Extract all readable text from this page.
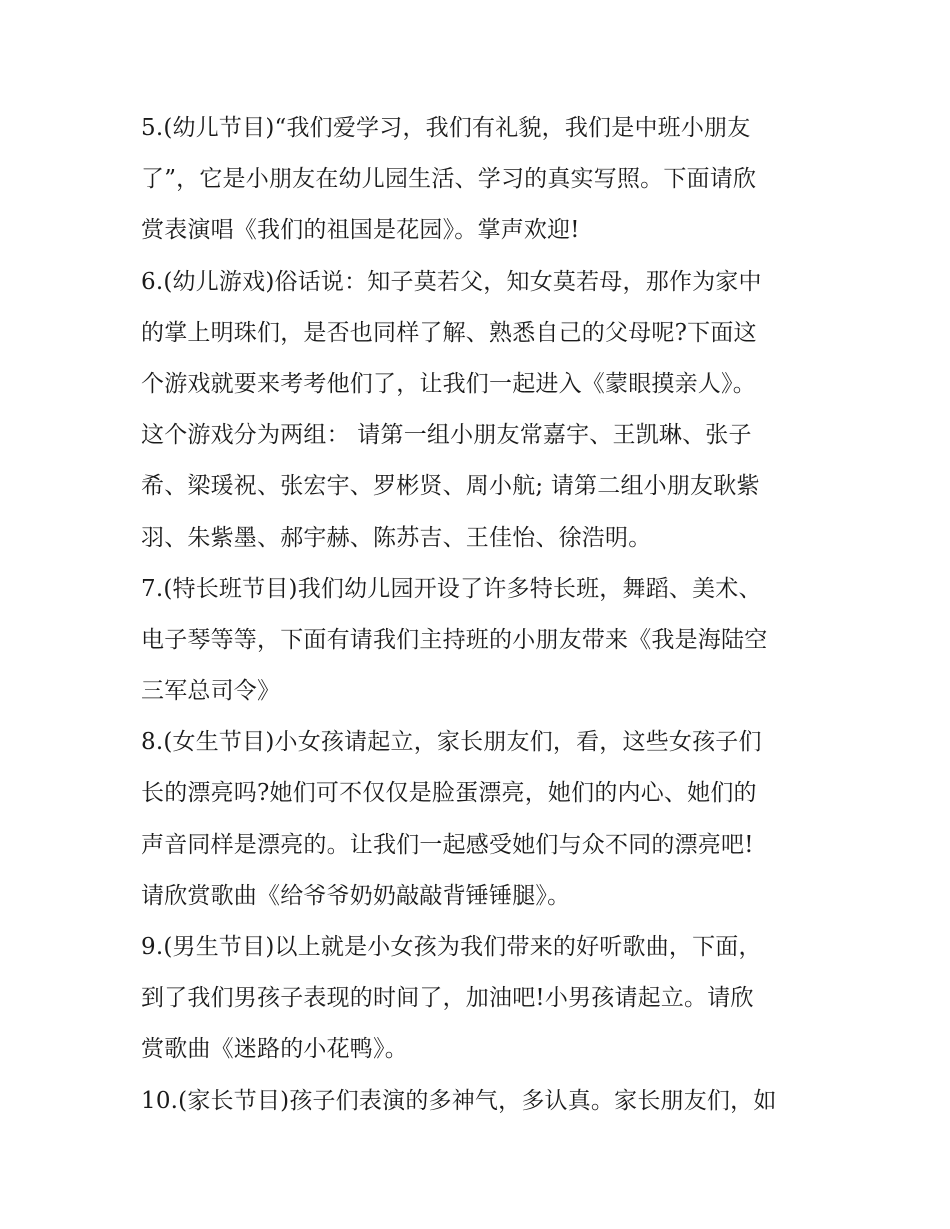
5.(幼儿节目)“我们爱学习，我们有礼貌，我们是中班小朋友
了”，它是小朋友在幼儿园生活、学习的真实写照。下面请欣
赏表演唱《我们的祖国是花园》。掌声欢迎!
6.(幼儿游戏)俗话说：知子莫若父，知女莫若母，那作为家中
的掌上明珠们，是否也同样了解、熟悉自己的父母呢?下面这
个游戏就要来考考他们了，让我们一起进入《蒙眼摸亲人》。
这个游戏分为两组： 请第一组小朋友常嘉宇、王凯琳、张子
希、梁瑗祝、张宏宇、罗彬贤、周小航; 请第二组小朋友耿紫
羽、朱紫墨、郝宇赫、陈苏吉、王佳怡、徐浩明。
7.(特长班节目)我们幼儿园开设了许多特长班，舞蹈、美术、
电子琴等等，下面有请我们主持班的小朋友带来《我是海陆空
三军总司令》
8.(女生节目)小女孩请起立，家长朋友们，看，这些女孩子们
长的漂亮吗?她们可不仅仅是脸蛋漂亮，她们的内心、她们的
声音同样是漂亮的。让我们一起感受她们与众不同的漂亮吧!
请欣赏歌曲《给爷爷奶奶敲敲背锤锤腿》。
9.(男生节目)以上就是小女孩为我们带来的好听歌曲，下面，
到了我们男孩子表现的时间了，加油吧!小男孩请起立。请欣
赏歌曲《迷路的小花鸭》。
10.(家长节目)孩子们表演的多神气，多认真。家长朋友们，如
